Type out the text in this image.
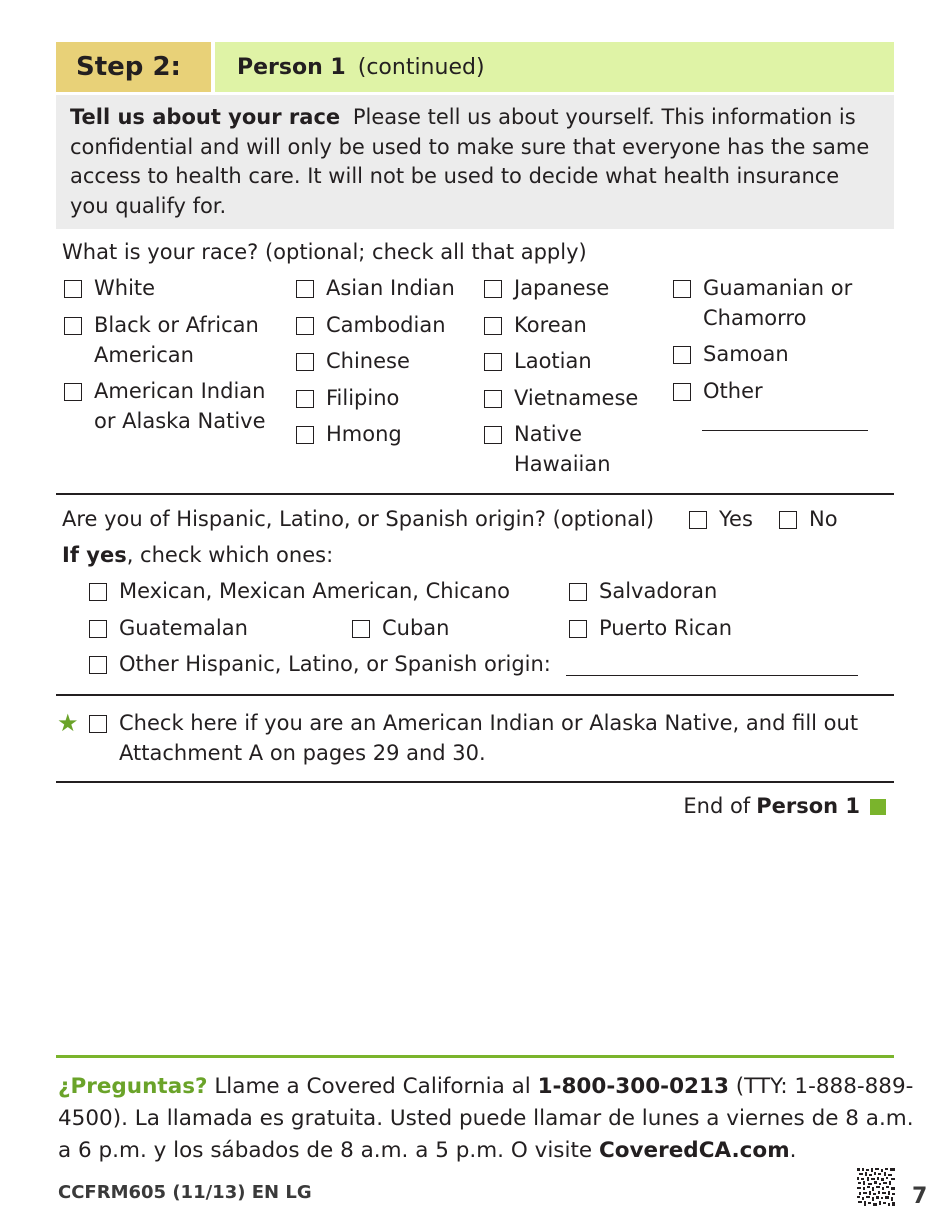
Step 2:	Person 1 (continued)
Tell us about your race Please tell us about yourself. This information is confidential and will only be used to make sure that everyone has the same access to health care. It will not be used to decide what health insurance you qualify for.
What is your race? (optional; check all that apply)
White
Black or African
American
American Indian
or Alaska Native
Asian Indian
Cambodian
Chinese
Filipino
Hmong
Japanese
Korean
Laotian
Vietnamese
Native
Hawaiian
Guamanian or
Chamorro
Samoan
Other
Are you of Hispanic, Latino, or Spanish origin? (optional)	Yes	No
If yes, check which ones:
Mexican, Mexican American, Chicano	Salvadoran
Guatemalan	Cuban	Puerto Rican
Other Hispanic, Latino, or Spanish origin:
★ Check here if you are an American Indian or Alaska Native, and fill out
Attachment A on pages 29 and 30.
End of Person 1
¿Preguntas? Llame a Covered California al 1-800-300-0213 (TTY: 1-888-889-4500). La llamada es gratuita. Usted puede llamar de lunes a viernes de 8 a.m. a 6 p.m. y los sábados de 8 a.m. a 5 p.m. O visite CoveredCA.com.
CCFRM605 (11/13) EN LG	7
